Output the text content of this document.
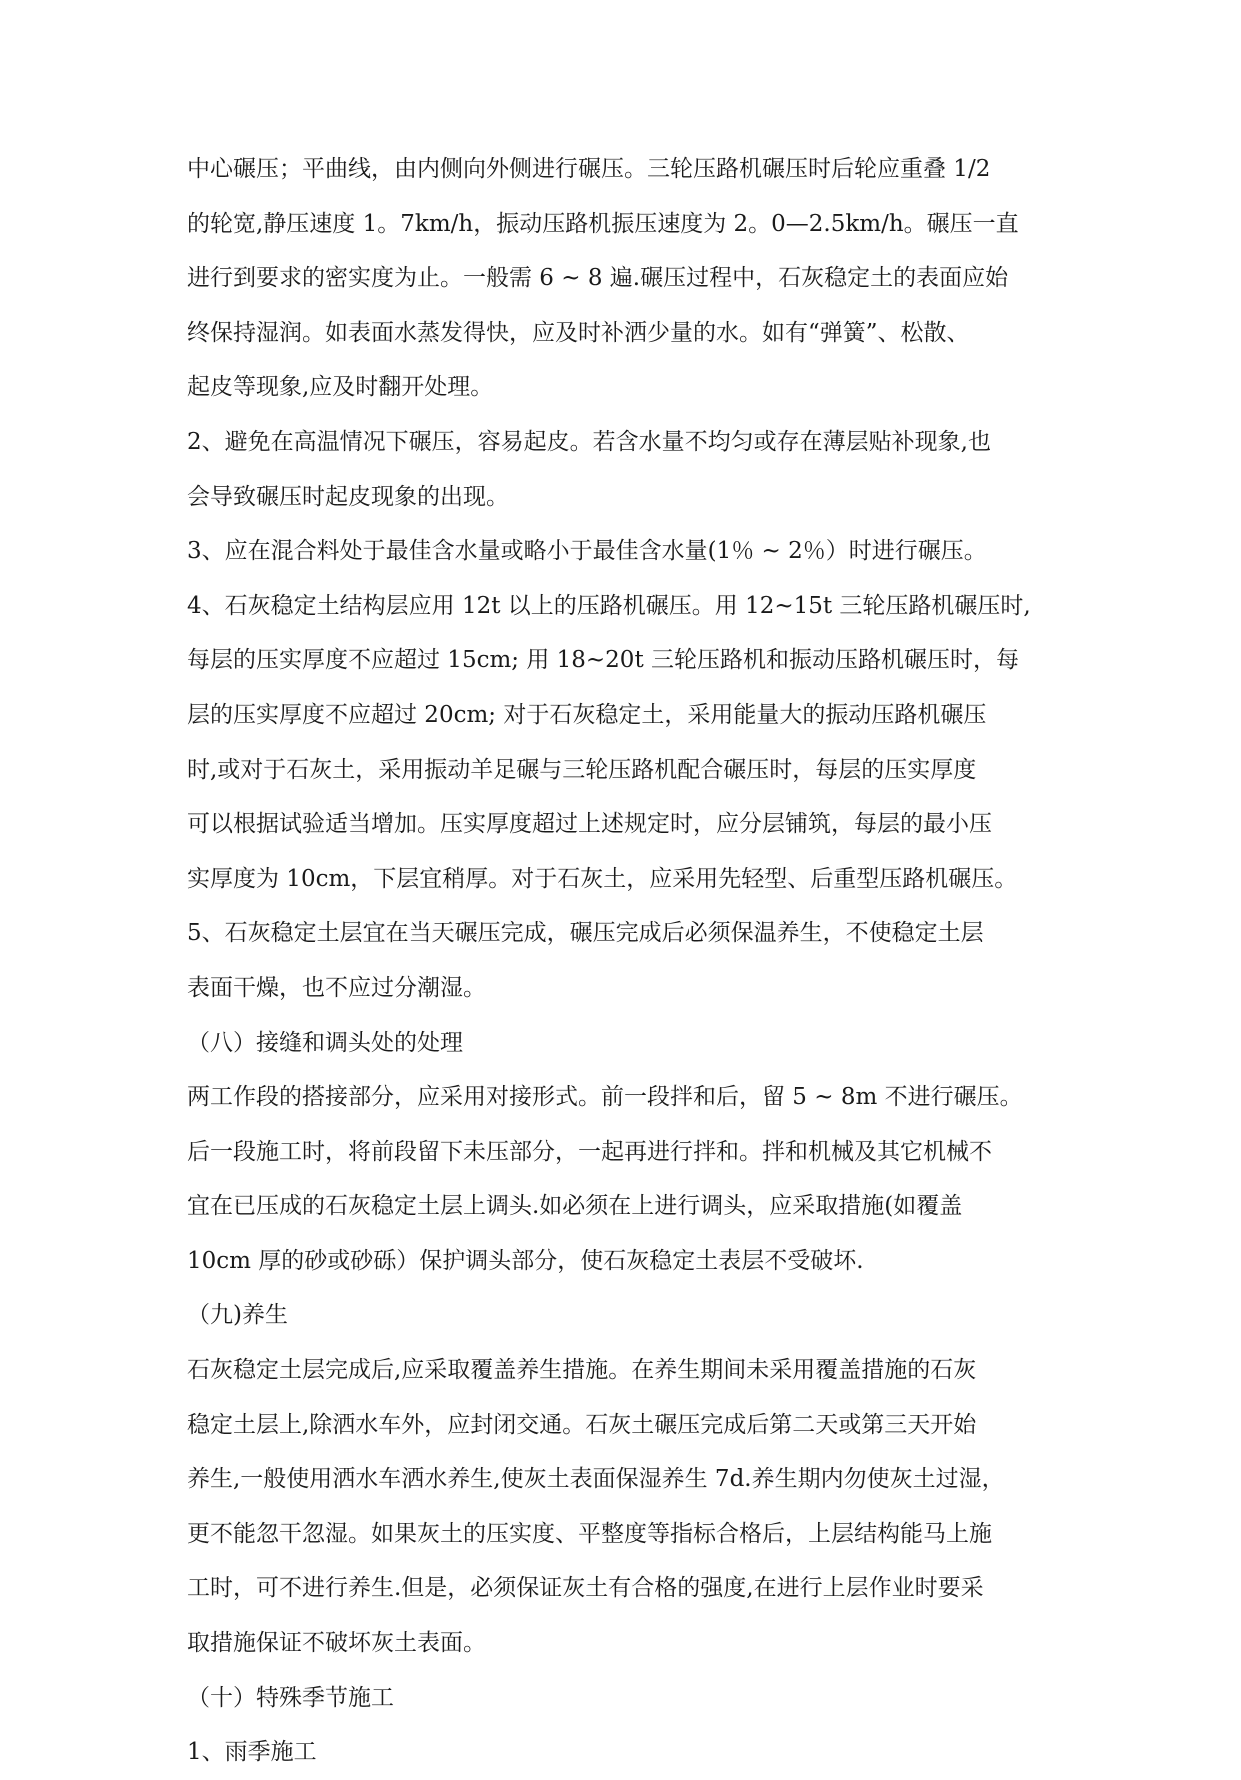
中心碾压；平曲线，由内侧向外侧进行碾压。三轮压路机碾压时后轮应重叠 1/2
的轮宽,静压速度 1。7km/h，振动压路机振压速度为 2。0—2.5km/h。碾压一直
进行到要求的密实度为止。一般需 6 ~ 8 遍.碾压过程中，石灰稳定土的表面应始
终保持湿润。如表面水蒸发得快，应及时补洒少量的水。如有“弹簧”、松散、
起皮等现象,应及时翻开处理。
2、避免在高温情况下碾压，容易起皮。若含水量不均匀或存在薄层贴补现象,也
会导致碾压时起皮现象的出现。
3、应在混合料处于最佳含水量或略小于最佳含水量(1％ ~ 2％）时进行碾压。
4、石灰稳定土结构层应用 12t 以上的压路机碾压。用 12~15t 三轮压路机碾压时,
每层的压实厚度不应超过 15cm; 用 18~20t 三轮压路机和振动压路机碾压时，每
层的压实厚度不应超过 20cm; 对于石灰稳定土，采用能量大的振动压路机碾压
时,或对于石灰土，采用振动羊足碾与三轮压路机配合碾压时，每层的压实厚度
可以根据试验适当增加。压实厚度超过上述规定时，应分层铺筑，每层的最小压
实厚度为 10cm，下层宜稍厚。对于石灰土，应采用先轻型、后重型压路机碾压。
5、石灰稳定土层宜在当天碾压完成，碾压完成后必须保温养生，不使稳定土层
表面干燥，也不应过分潮湿。
（八）接缝和调头处的处理
两工作段的搭接部分，应采用对接形式。前一段拌和后，留 5 ~ 8m 不进行碾压。
后一段施工时，将前段留下未压部分，一起再进行拌和。拌和机械及其它机械不
宜在已压成的石灰稳定土层上调头.如必须在上进行调头，应采取措施(如覆盖
10cm 厚的砂或砂砾）保护调头部分，使石灰稳定土表层不受破坏.
（九)养生
石灰稳定土层完成后,应采取覆盖养生措施。在养生期间未采用覆盖措施的石灰
稳定土层上,除洒水车外，应封闭交通。石灰土碾压完成后第二天或第三天开始
养生,一般使用洒水车洒水养生,使灰土表面保湿养生 7d.养生期内勿使灰土过湿，
更不能忽干忽湿。如果灰土的压实度、平整度等指标合格后，上层结构能马上施
工时，可不进行养生.但是，必须保证灰土有合格的强度,在进行上层作业时要采
取措施保证不破坏灰土表面。
（十）特殊季节施工
1、雨季施工
